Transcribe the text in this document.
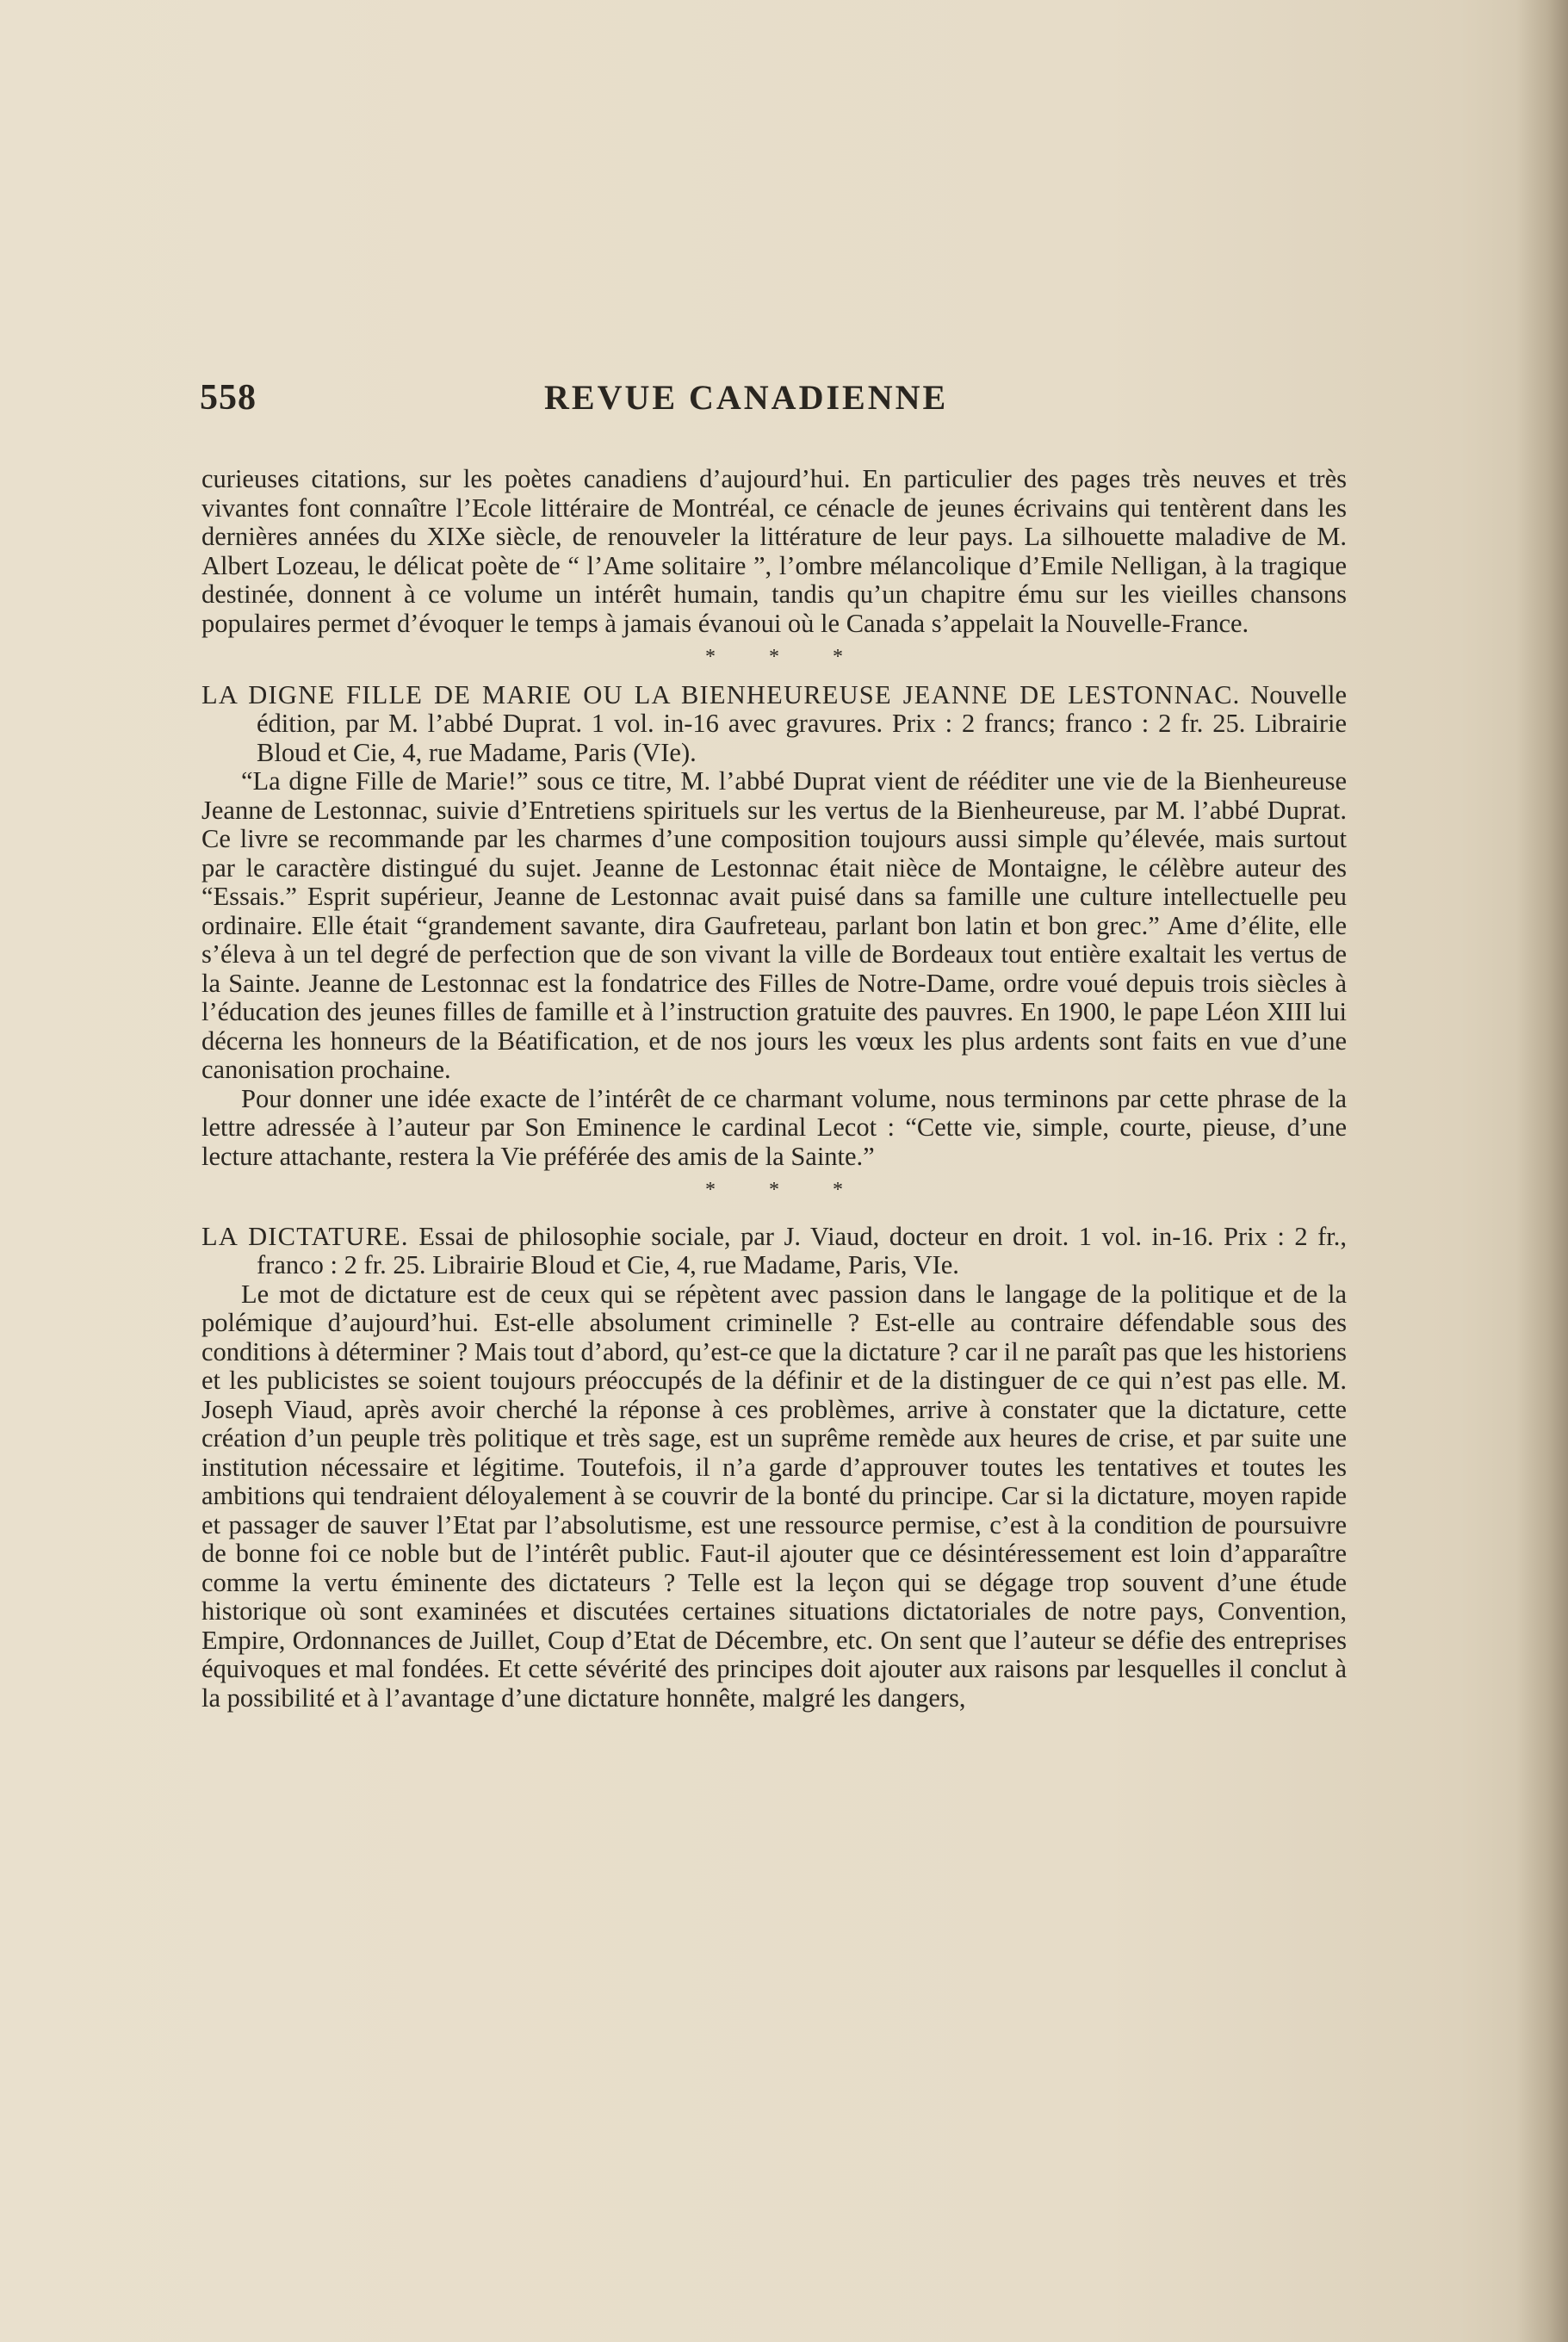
558	REVUE CANADIENNE

curieuses citations, sur les poètes canadiens d’aujourd’hui. En particulier des pages très neuves et très vivantes font connaître l’Ecole littéraire de Montréal, ce cénacle de jeunes écrivains qui tentèrent dans les dernières années du XIXe siècle, de renouveler la littérature de leur pays. La silhouette maladive de M. Albert Lozeau, le délicat poète de “ l’Ame solitaire ”, l’ombre mélancolique d’Emile Nelligan, à la tragique destinée, donnent à ce volume un intérêt humain, tandis qu’un chapitre ému sur les vieilles chansons populaires permet d’évoquer le temps à jamais évanoui où le Canada s’appelait la Nouvelle-France.

* * *

LA DIGNE FILLE DE MARIE OU LA BIENHEUREUSE JEANNE DE LESTONNAC. Nouvelle édition, par M. l’abbé Duprat. 1 vol. in-16 avec gravures. Prix : 2 francs; franco : 2 fr. 25. Librairie Bloud et Cie, 4, rue Madame, Paris (VIe).

“La digne Fille de Marie!” sous ce titre, M. l’abbé Duprat vient de rééditer une vie de la Bienheureuse Jeanne de Lestonnac, suivie d’Entretiens spirituels sur les vertus de la Bienheureuse, par M. l’abbé Duprat. Ce livre se recommande par les charmes d’une composition toujours aussi simple qu’élevée, mais surtout par le caractère distingué du sujet. Jeanne de Lestonnac était nièce de Montaigne, le célèbre auteur des “Essais.” Esprit supérieur, Jeanne de Lestonnac avait puisé dans sa famille une culture intellectuelle peu ordinaire. Elle était “grandement savante, dira Gaufreteau, parlant bon latin et bon grec.” Ame d’élite, elle s’éleva à un tel degré de perfection que de son vivant la ville de Bordeaux tout entière exaltait les vertus de la Sainte. Jeanne de Lestonnac est la fondatrice des Filles de Notre-Dame, ordre voué depuis trois siècles à l’éducation des jeunes filles de famille et à l’instruction gratuite des pauvres. En 1900, le pape Léon XIII lui décerna les honneurs de la Béatification, et de nos jours les vœux les plus ardents sont faits en vue d’une canonisation prochaine.

Pour donner une idée exacte de l’intérêt de ce charmant volume, nous terminons par cette phrase de la lettre adressée à l’auteur par Son Eminence le cardinal Lecot : “Cette vie, simple, courte, pieuse, d’une lecture attachante, restera la Vie préférée des amis de la Sainte.”

* * *

LA DICTATURE. Essai de philosophie sociale, par J. Viaud, docteur en droit. 1 vol. in-16. Prix : 2 fr., franco : 2 fr. 25. Librairie Bloud et Cie, 4, rue Madame, Paris, VIe.

Le mot de dictature est de ceux qui se répètent avec passion dans le langage de la politique et de la polémique d’aujourd’hui. Est-elle absolument criminelle ? Est-elle au contraire défendable sous des conditions à déterminer ? Mais tout d’abord, qu’est-ce que la dictature ? car il ne paraît pas que les historiens et les publicistes se soient toujours préoccupés de la définir et de la distinguer de ce qui n’est pas elle. M. Joseph Viaud, après avoir cherché la réponse à ces problèmes, arrive à constater que la dictature, cette création d’un peuple très politique et très sage, est un suprême remède aux heures de crise, et par suite une institution nécessaire et légitime. Toutefois, il n’a garde d’approuver toutes les tentatives et toutes les ambitions qui tendraient déloyalement à se couvrir de la bonté du principe. Car si la dictature, moyen rapide et passager de sauver l’Etat par l’absolutisme, est une ressource permise, c’est à la condition de poursuivre de bonne foi ce noble but de l’intérêt public. Faut-il ajouter que ce désintéressement est loin d’apparaître comme la vertu éminente des dictateurs ? Telle est la leçon qui se dégage trop souvent d’une étude historique où sont examinées et discutées certaines situations dictatoriales de notre pays, Convention, Empire, Ordonnances de Juillet, Coup d’Etat de Décembre, etc. On sent que l’auteur se défie des entreprises équivoques et mal fondées. Et cette sévérité des principes doit ajouter aux raisons par lesquelles il conclut à la possibilité et à l’avantage d’une dictature honnête, malgré les dangers,
